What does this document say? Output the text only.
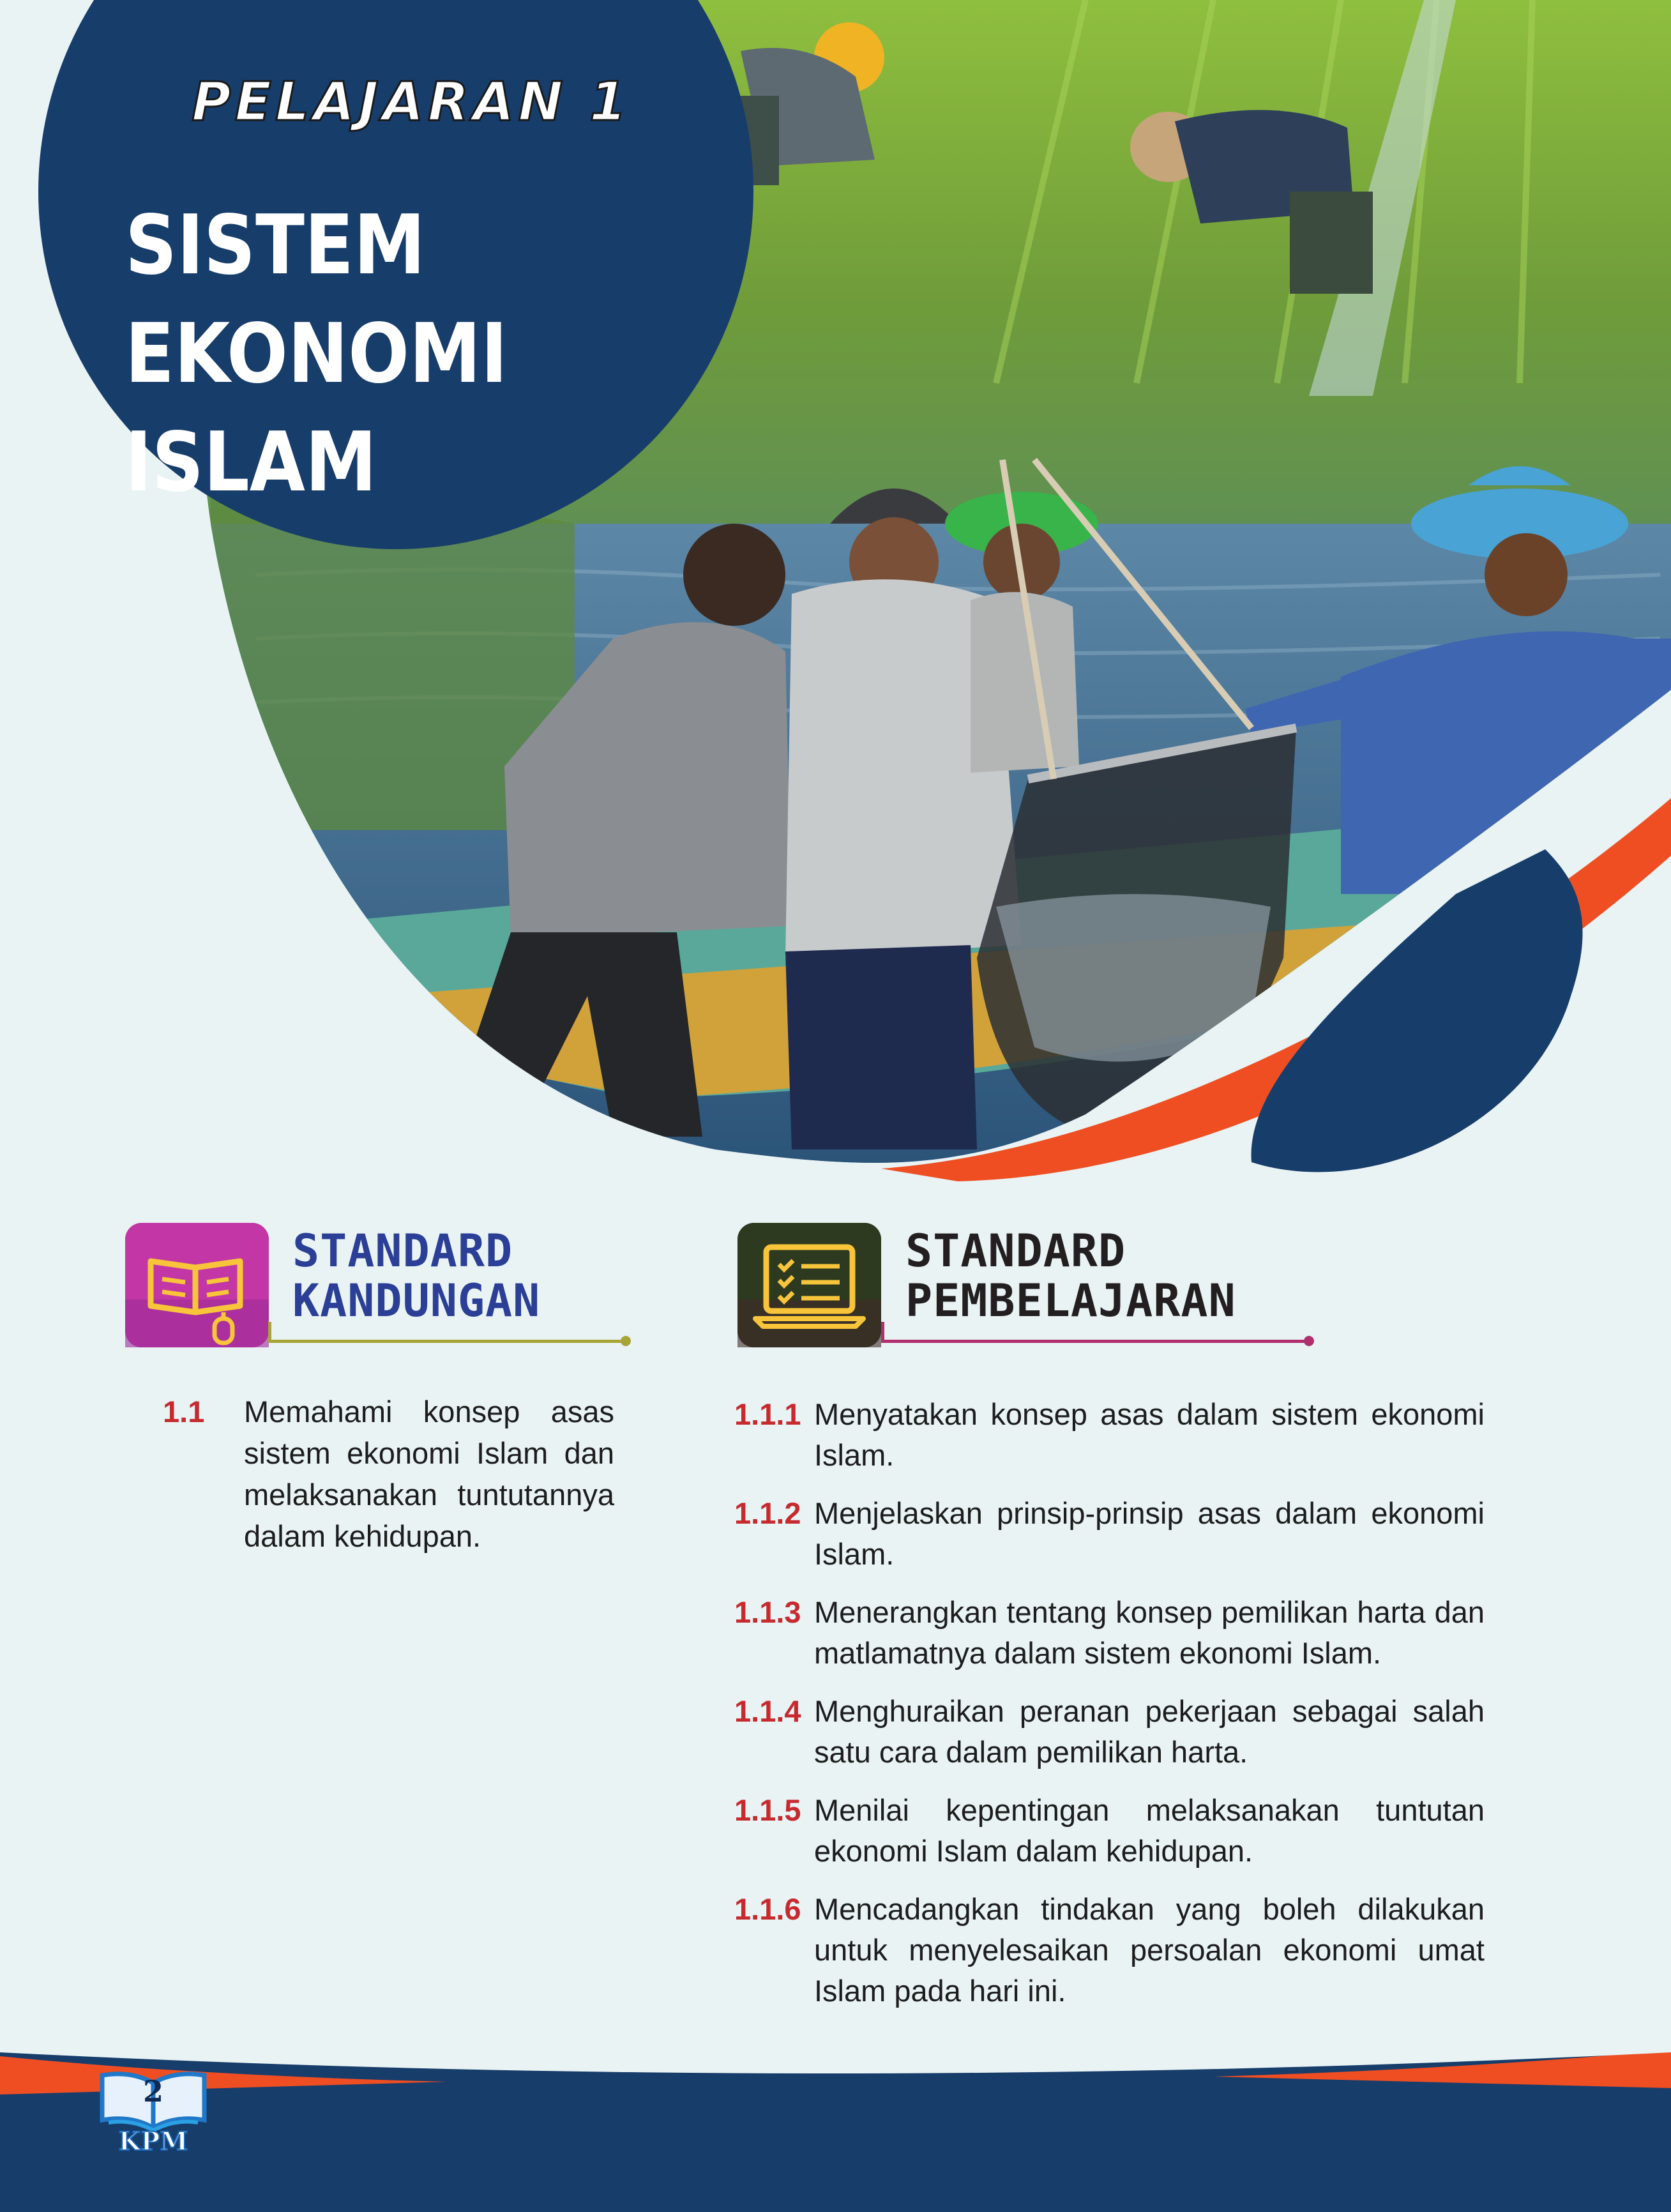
PELAJARAN 1
SISTEM EKONOMI
ISLAM
STANDARD
KANDUNGAN
STANDARD
PEMBELAJARAN
1.1 Memahami konsep asas sistem ekonomi Islam dan melaksanakan tuntutannya dalam kehidupan.
1.1.1 Menyatakan konsep asas dalam sistem ekonomi Islam.
1.1.2 Menjelaskan prinsip-prinsip asas dalam ekonomi Islam.
1.1.3 Menerangkan tentang konsep pemilikan harta dan matlamatnya dalam sistem ekonomi Islam.
1.1.4 Menghuraikan peranan pekerjaan sebagai salah satu cara dalam pemilikan harta.
1.1.5 Menilai kepentingan melaksanakan tuntutan ekonomi Islam dalam kehidupan.
1.1.6 Mencadangkan tindakan yang boleh dilakukan untuk menyelesaikan persoalan ekonomi umat Islam pada hari ini.
2
KPM
